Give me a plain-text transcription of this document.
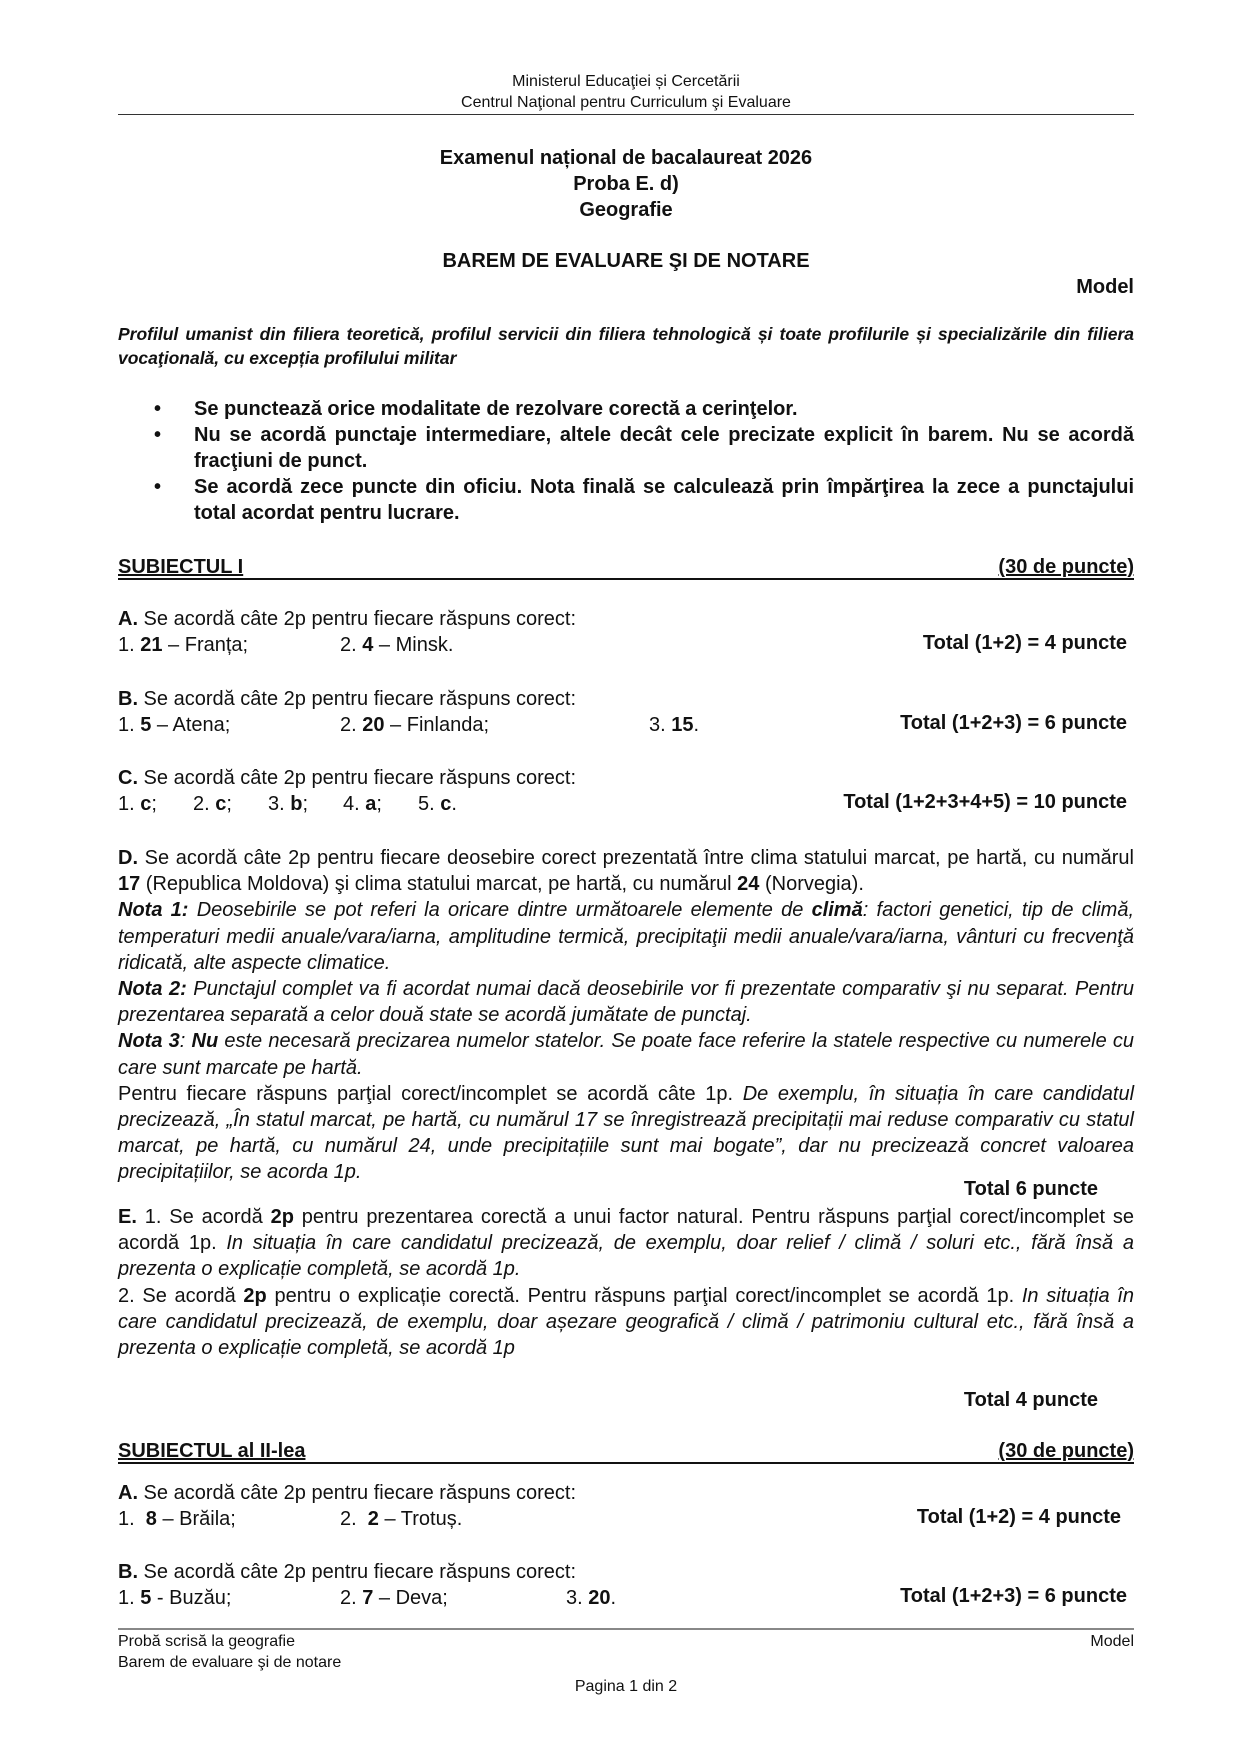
Ministerul Educaţiei și Cercetării
Centrul Naţional pentru Curriculum şi Evaluare
Examenul național de bacalaureat 2026
Proba E. d)
Geografie
BAREM DE EVALUARE ŞI DE NOTARE
Model
Profilul umanist din filiera teoretică, profilul servicii din filiera tehnologică și toate profilurile și specializările din filiera vocaţională, cu excepția profilului militar
• Se punctează orice modalitate de rezolvare corectă a cerinţelor.
• Nu se acordă punctaje intermediare, altele decât cele precizate explicit în barem. Nu se acordă fracţiuni de punct.
• Se acordă zece puncte din oficiu. Nota finală se calculează prin împărţirea la zece a punctajului total acordat pentru lucrare.
SUBIECTUL I	(30 de puncte)
A. Se acordă câte 2p pentru fiecare răspuns corect:
1. 21 – Franța;	2. 4 – Minsk.	Total (1+2) = 4 puncte
B. Se acordă câte 2p pentru fiecare răspuns corect:
1. 5 – Atena;	2. 20 – Finlanda;	3. 15.	Total (1+2+3) = 6 puncte
C. Se acordă câte 2p pentru fiecare răspuns corect:
1. c; 2. c; 3. b; 4. a; 5. c.	Total (1+2+3+4+5) = 10 puncte

D. Se acordă câte 2p pentru fiecare deosebire corect prezentată între clima statului marcat, pe hartă, cu numărul 17 (Republica Moldova) şi clima statului marcat, pe hartă, cu numărul 24 (Norvegia).

Nota 1: Deosebirile se pot referi la oricare dintre următoarele elemente de climă: factori genetici, tip de climă, temperaturi medii anuale/vara/iarna, amplitudine termică, precipitaţii medii anuale/vara/iarna, vânturi cu frecvenţă ridicată, alte aspecte climatice.

Nota 2: Punctajul complet va fi acordat numai dacă deosebirile vor fi prezentate comparativ şi nu separat. Pentru prezentarea separată a celor două state se acordă jumătate de punctaj.

Nota 3: Nu este necesară precizarea numelor statelor. Se poate face referire la statele respective cu numerele cu care sunt marcate pe hartă.

Pentru fiecare răspuns parţial corect/incomplet se acordă câte 1p. De exemplu, în situația în care candidatul precizează, „În statul marcat, pe hartă, cu numărul 17 se înregistrează precipitații mai reduse comparativ cu statul marcat, pe hartă, cu numărul 24, unde precipitațiile sunt mai bogate”, dar nu precizează concret valoarea precipitațiilor, se acorda 1p.

Total 6 puncte

E. 1. Se acordă 2p pentru prezentarea corectă a unui factor natural. Pentru răspuns parţial corect/incomplet se acordă 1p. In situația în care candidatul precizează, de exemplu, doar relief / climă / soluri etc., fără însă a prezenta o explicație completă, se acordă 1p.

2. Se acordă 2p pentru o explicație corectă. Pentru răspuns parţial corect/incomplet se acordă 1p. In situația în care candidatul precizează, de exemplu, doar așezare geografică / climă / patrimoniu cultural etc., fără însă a prezenta o explicație completă, se acordă 1p

Total 4 puncte
SUBIECTUL al II-lea	(30 de puncte)
A. Se acordă câte 2p pentru fiecare răspuns corect:
1.  8 – Brăila;	2.  2 – Trotuș.	Total (1+2) = 4 puncte
B. Se acordă câte 2p pentru fiecare răspuns corect:
1. 5 - Buzău;	2. 7 – Deva;	3. 20.	Total (1+2+3) = 6 puncte
Probă scrisă la geografie
Barem de evaluare şi de notare
Model
Pagina 1 din 2
